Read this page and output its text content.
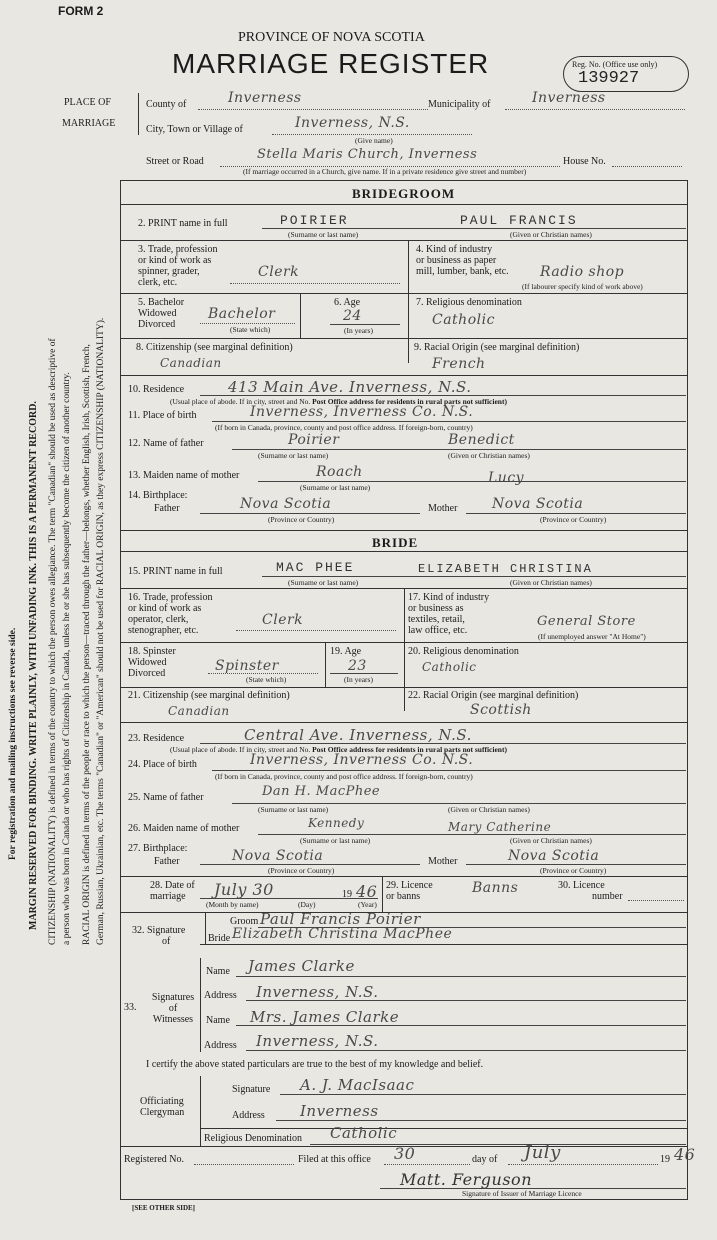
FORM 2
PROVINCE OF NOVA SCOTIA
MARRIAGE REGISTER	Reg. No. (Office use only)
139927
PLACE OF
MARRIAGE
County of	Inverness	Municipality of	Inverness
City, Town or Village of	Inverness, N.S.
(Give name)
Street or Road	Stella Maris Church, Inverness	House No.
(If marriage occurred in a Church, give name. If in a private residence give street and number)
BRIDEGROOM
2. PRINT name in full	POIRIER	PAUL FRANCIS
(Surname or last name)	(Given or Christian names)
3. Trade, profession
or kind of work as
spinner, grader,
clerk, etc.
Clerk
4. Kind of industry
or business as paper
mill, lumber, bank, etc. Radio shop
(If labourer specify kind of work above)
5. Bachelor
Widowed
Divorced
Bachelor
(State which)
6. Age
24
(In years)
7. Religious denomination
Catholic
8. Citizenship (see marginal definition)
Canadian
9. Racial Origin (see marginal definition)
French
10. Residence	413 Main Ave. Inverness, N.S.
(Usual place of abode. If in city, street and No. Post Office address for residents in rural parts not sufficient)
11. Place of birth	Inverness, Inverness Co. N.S.
(If born in Canada, province, county and post office address. If foreign-born, country)
12. Name of father	Poirier	Benedict
(Surname or last name)	(Given or Christian names)
13. Maiden name of mother	Roach	Lucy
(Surname or last name)
14. Birthplace:
Father	Nova Scotia
(Province or Country)
Mother Nova Scotia
(Province or Country)
BRIDE
15. PRINT name in full	MAC PHEE	ELIZABETH CHRISTINA
(Surname or last name)	(Given or Christian names)
16. Trade, profession
or kind of work as
operator, clerk,
stenographer, etc.
Clerk
17. Kind of industry
or business as
textiles, retail,
law office, etc.
General Store
(If unemployed answer "At Home")
18. Spinster
Widowed
Divorced	Spinster
(State which)
19. Age
23
(In years)
20. Religious denomination
Catholic
21. Citizenship (see marginal definition)
Canadian
22. Racial Origin (see marginal definition)
Scottish
23. Residence	Central Ave. Inverness, N.S.
(Usual place of abode. If in city, street and No. Post Office address for residents in rural parts not sufficient)
24. Place of birth	Inverness, Inverness Co. N.S.
(If born in Canada, province, county and post office address. If foreign-born, country)
25. Name of father	Dan H. MacPhee
(Surname or last name)	(Given or Christian names)
26. Maiden name of mother	Kennedy	Mary Catherine
(Surname or last name)	(Given or Christian names)
27. Birthplace:
Father	Nova Scotia
(Province or Country)
Mother	Nova Scotia
(Province or Country)
28. Date of
marriage	July 30	19 46
(Month by name)	(Day)	(Year)
29. Licence
or banns
Banns	30. Licence
number
32. Signature
of
Groom Paul Francis Poirier
Bride Elizabeth Christina MacPhee
33.
Signatures
of
Witnesses
Name James Clarke
Address Inverness, N.S.
Name Mrs. James Clarke
Address Inverness, N.S.
I certify the above stated particulars are true to the best of my knowledge and belief.
Officiating
Clergyman
Signature A. J. MacIsaac
Address Inverness
Religious Denomination Catholic
Registered No.	Filed at this office 30	day of July	19 46
Matt. Ferguson
Signature of Issuer of Marriage Licence
[SEE OTHER SIDE]
For registration and mailing instructions see reverse side. MARGIN RESERVED FOR BINDING. WRITE PLAINLY, WITH UNFADING INK. THIS IS A PERMANENT RECORD. CITIZENSHIP (NATIONALITY) is defined in terms of the country to which the person owes allegiance. The term "Canadian" should be used as descriptive of a person who was born in Canada or who has rights of Citizenship in Canada, unless he or she has subsequently become the citizen of another country. RACIAL ORIGIN is defined in terms of the people or race to which the person—traced through the father—belongs, whether English, Irish, Scottish, French, German, Russian, Ukrainian, etc. The terms "Canadian" or "American" should not be used for RACIAL ORIGIN, as they express CITIZENSHIP (NATIONALITY).
